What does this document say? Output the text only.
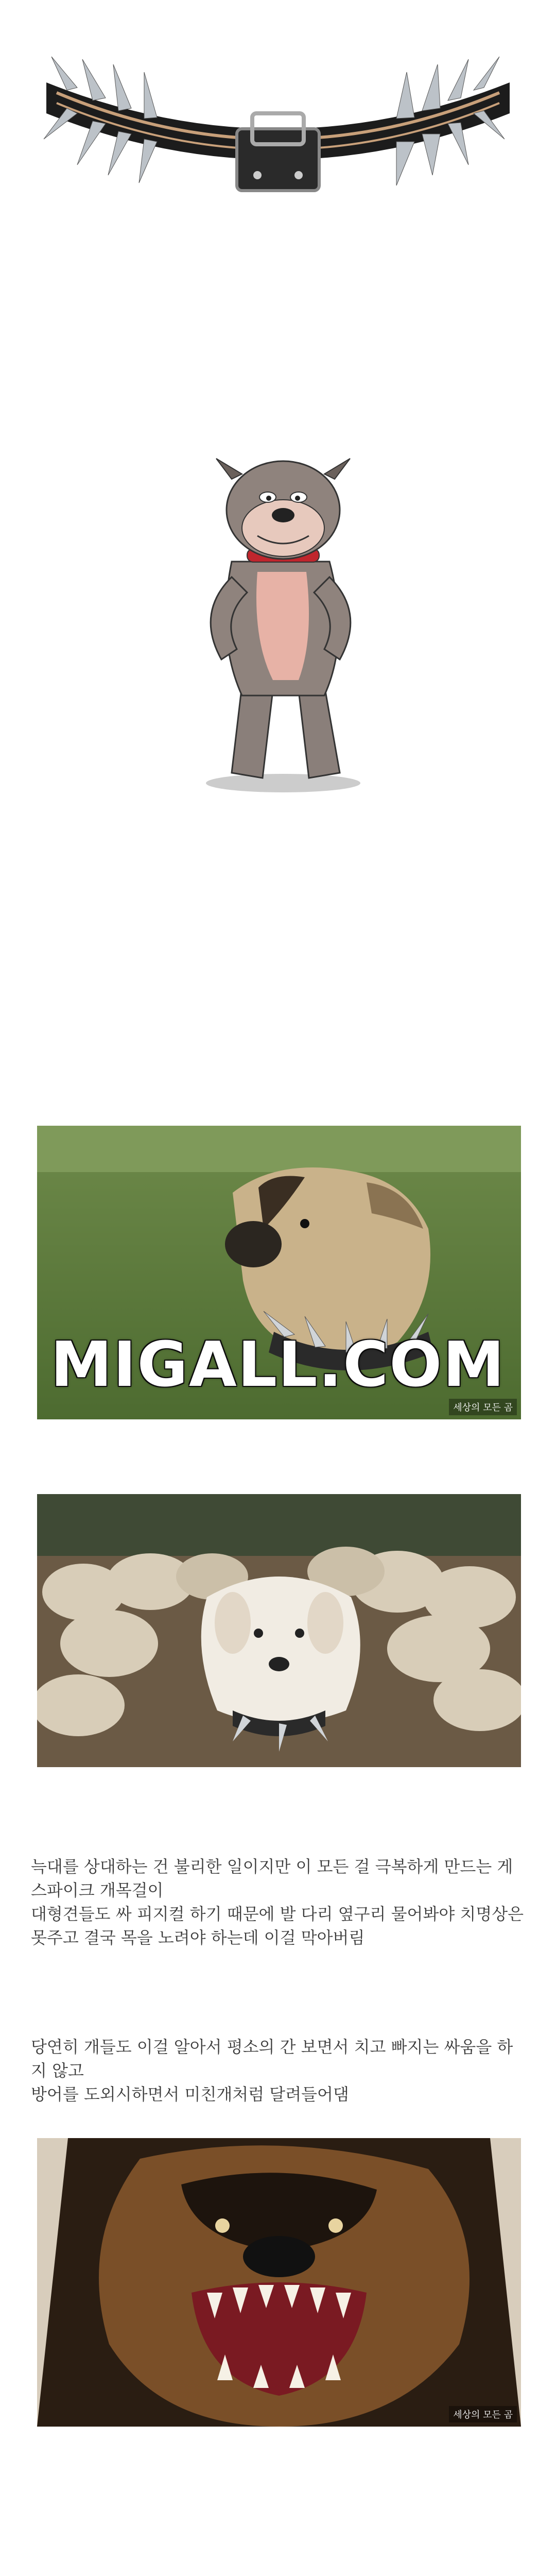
세상의 모든 곰
MIGALL.COM
늑대를 상대하는 건 불리한 일이지만 이 모든 걸 극복하게 만드는 게 스파이크 개목걸이
대형견들도 싸 피지컬 하기 때문에 발 다리 옆구리 물어봐야 치명상은 못주고 결국 목을 노려야 하는데 이걸 막아버림
당연히 개들도 이걸 알아서 평소의 간 보면서 치고 빠지는 싸움을 하지 않고
방어를 도외시하면서 미친개처럼 달려들어댐
세상의 모든 곰
